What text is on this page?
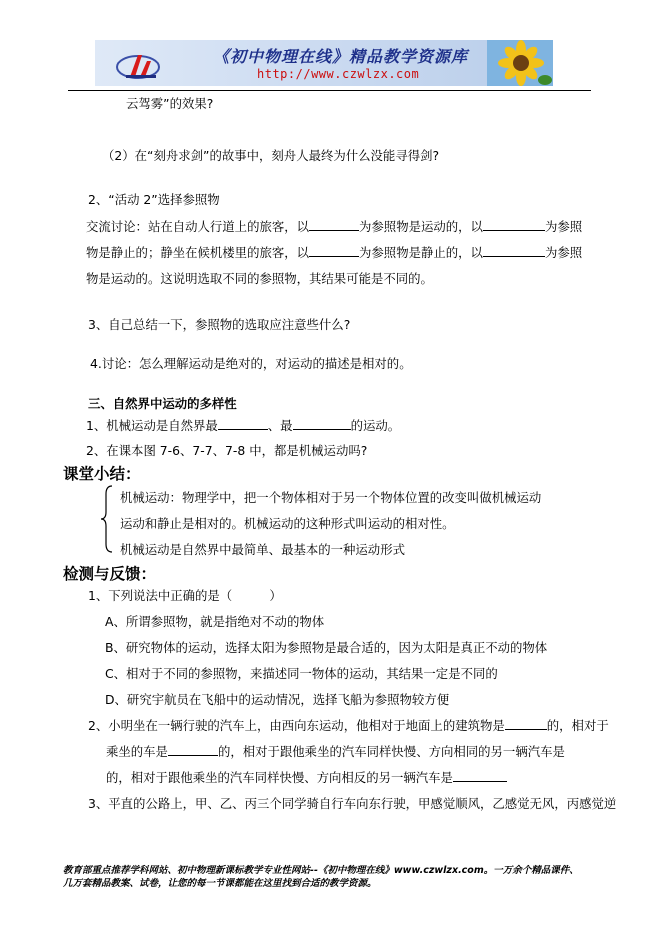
《初中物理在线》精品教学资源库
http://www.czwlzx.com
云驾雾”的效果?
（2）在“刻舟求剑”的故事中，刻舟人最终为什么没能寻得剑?
2、“活动 2”选择参照物
交流讨论：站在自动人行道上的旅客，以	为参照物是运动的，以	为参照
物是静止的；静坐在候机楼里的旅客，以	为参照物是静止的，以	为参照
物是运动的。这说明选取不同的参照物，其结果可能是不同的。
3、自己总结一下，参照物的选取应注意些什么?
4.讨论：怎么理解运动是绝对的，对运动的描述是相对的。
三、自然界中运动的多样性
1、机械运动是自然界最	、最	的运动。
2、在课本图 7-6、7-7、7-8 中，都是机械运动吗?
课堂小结：
机械运动：物理学中，把一个物体相对于另一个物体位置的改变叫做机械运动
运动和静止是相对的。机械运动的这种形式叫运动的相对性。
机械运动是自然界中最简单、最基本的一种运动形式
检测与反馈：
1、下列说法中正确的是（　　　）
A、所谓参照物，就是指绝对不动的物体
B、研究物体的运动，选择太阳为参照物是最合适的，因为太阳是真正不动的物体
C、相对于不同的参照物，来描述同一物体的运动，其结果一定是不同的
D、研究宇航员在飞船中的运动情况，选择飞船为参照物较方便
2、小明坐在一辆行驶的汽车上，由西向东运动，他相对于地面上的建筑物是	的，相对于
乘坐的车是	的，相对于跟他乘坐的汽车同样快慢、方向相同的另一辆汽车是
的，相对于跟他乘坐的汽车同样快慢、方向相反的另一辆汽车是
3、平直的公路上，甲、乙、丙三个同学骑自行车向东行驶，甲感觉顺风，乙感觉无风，丙感觉逆
教育部重点推荐学科网站、初中物理新课标教学专业性网站--《初中物理在线》www.czwlzx.com。一万余个精品课件、
几万套精品教案、试卷，让您的每一节课都能在这里找到合适的教学资源。
